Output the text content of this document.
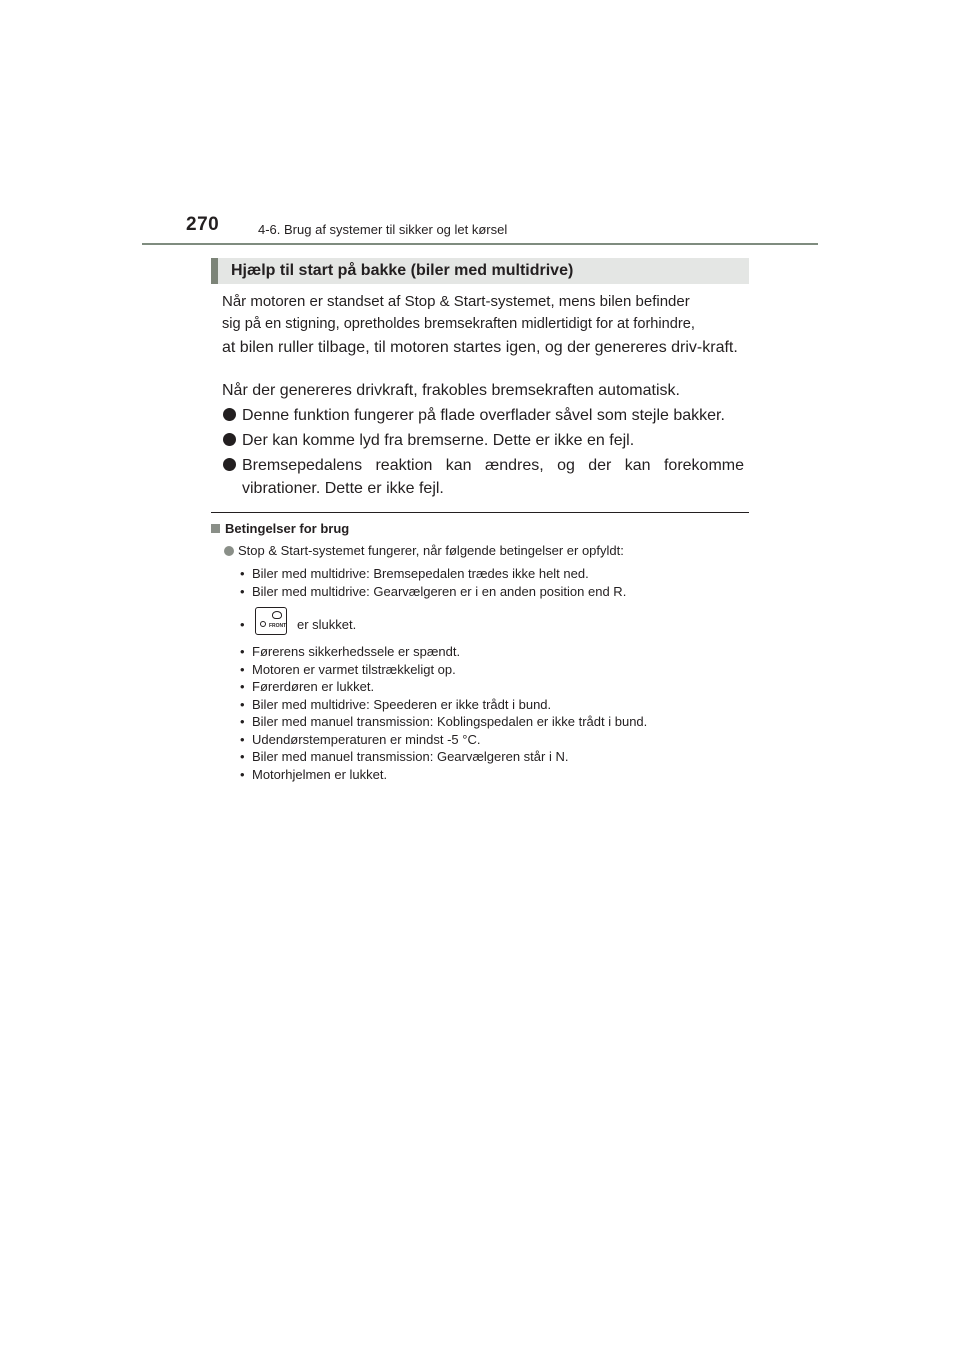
270	4-6. Brug af systemer til sikker og let kørsel
Hjælp til start på bakke (biler med multidrive)
Når motoren er standset af Stop & Start-systemet, mens bilen befinder
sig på en stigning, opretholdes bremsekraften midlertidigt for at forhindre,
at bilen ruller tilbage, til motoren startes igen, og der genereres driv-kraft.
Når der genereres drivkraft, frakobles bremsekraften automatisk.
Denne funktion fungerer på flade overflader såvel som stejle bakker.
Der kan komme lyd fra bremserne. Dette er ikke en fejl.
Bremsepedalens reaktion kan ændres, og der kan forekomme vibrationer. Dette er ikke fejl.
Betingelser for brug
Stop & Start-systemet fungerer, når følgende betingelser er opfyldt:
• Biler med multidrive: Bremsepedalen trædes ikke helt ned.
• Biler med multidrive: Gearvælgeren er i en anden position end R.
•	FRONT er slukket.
• Førerens sikkerhedssele er spændt.
• Motoren er varmet tilstrækkeligt op.
• Førerdøren er lukket.
• Biler med multidrive: Speederen er ikke trådt i bund.
• Biler med manuel transmission: Koblingspedalen er ikke trådt i bund.
• Udendørstemperaturen er mindst -5 °C.
• Biler med manuel transmission: Gearvælgeren står i N.
• Motorhjelmen er lukket.
